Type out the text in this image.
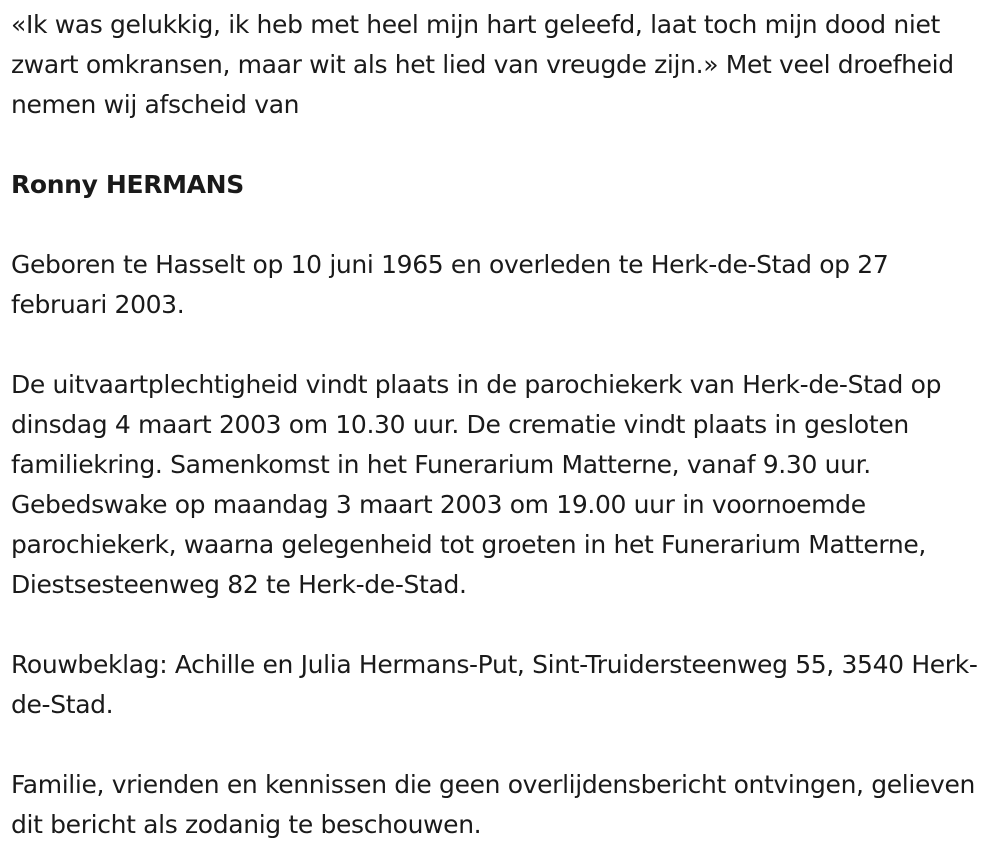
«Ik was gelukkig, ik heb met heel mijn hart geleefd, laat toch mijn dood niet zwart omkransen, maar wit als het lied van vreugde zijn.» Met veel droefheid nemen wij afscheid van

Ronny HERMANS

Geboren te Hasselt op 10 juni 1965 en overleden te Herk-de-Stad op 27 februari 2003.

De uitvaartplechtigheid vindt plaats in de parochiekerk van Herk-de-Stad op dinsdag 4 maart 2003 om 10.30 uur. De crematie vindt plaats in gesloten familiekring. Samenkomst in het Funerarium Matterne, vanaf 9.30 uur. Gebedswake op maandag 3 maart 2003 om 19.00 uur in voornoemde parochiekerk, waarna gelegenheid tot groeten in het Funerarium Matterne, Diestsesteenweg 82 te Herk-de-Stad.

Rouwbeklag: Achille en Julia Hermans-Put, Sint-Truidersteenweg 55, 3540 Herk-de-Stad.

Familie, vrienden en kennissen die geen overlijdensbericht ontvingen, gelieven dit bericht als zodanig te beschouwen.
